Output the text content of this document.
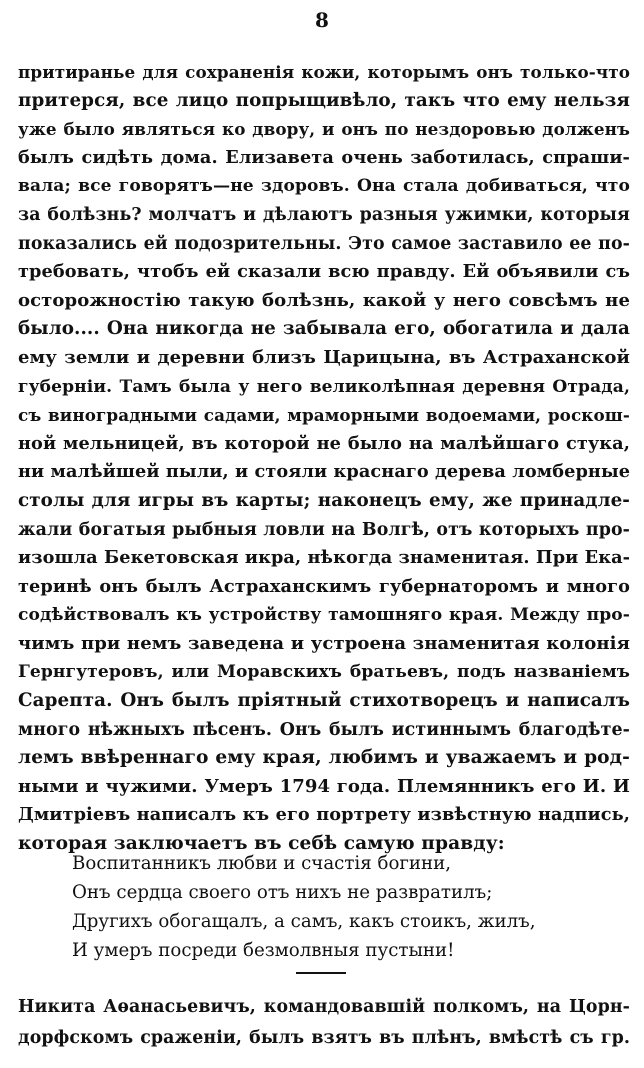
8
притиранье для сохраненія кожи, которымъ онъ только-что
притерся, все лицо попрыщивѣло, такъ что ему нельзя
уже было являться ко двору, и онъ по нездоровью долженъ
былъ сидѣть дома. Елизавета очень заботилась, спраши-
вала; все говорятъ—не здоровъ. Она стала добиваться, что
за болѣзнь? молчатъ и дѣлаютъ разныя ужимки, которыя
показались ей подозрительны. Это самое заставило ее по-
требовать, чтобъ ей сказали всю правду. Ей объявили съ
осторожностію такую болѣзнь, какой у него совсѣмъ не
было.... Она никогда не забывала его, обогатила и дала
ему земли и деревни близъ Царицына, въ Астраханской
губерніи. Тамъ была у него великолѣпная деревня Отрада,
съ виноградными садами, мраморными водоемами, роскош-
ной мельницей, въ которой не было на малѣйшаго стука,
ни малѣйшей пыли, и стояли краснаго дерева ломберные
столы для игры въ карты; наконецъ ему, же принадле-
жали богатыя рыбныя ловли на Волгѣ, отъ которыхъ про-
изошла Бекетовская икра, нѣкогда знаменитая. При Ека-
теринѣ онъ былъ Астраханскимъ губернаторомъ и много
содѣйствовалъ къ устройству тамошняго края. Между про-
чимъ при немъ заведена и устроена знаменитая колонія
Гернгутеровъ, или Моравскихъ братьевъ, подъ названіемъ
Сарепта. Онъ былъ пріятный стихотворецъ и написалъ
много нѣжныхъ пѣсенъ. Онъ былъ истиннымъ благодѣте-
лемъ ввѣреннаго ему края, любимъ и уважаемъ и род-
ными и чужими. Умеръ 1794 года. Племянникъ его И. И
Дмитріевъ написалъ къ его портрету извѣстную надпись,
которая заключаетъ въ себѣ самую правду:
Воспитанникъ любви и счастія богини,
Онъ сердца своего отъ нихъ не развратилъ;
Другихъ обогащалъ, а самъ, какъ стоикъ, жилъ,
И умеръ посреди безмолвныя пустыни!
Никита Аѳанасьевичъ, командовавшій полкомъ, на Цорн-
дорфскомъ сраженіи, былъ взятъ въ плѣнъ, вмѣстѣ съ гр.
